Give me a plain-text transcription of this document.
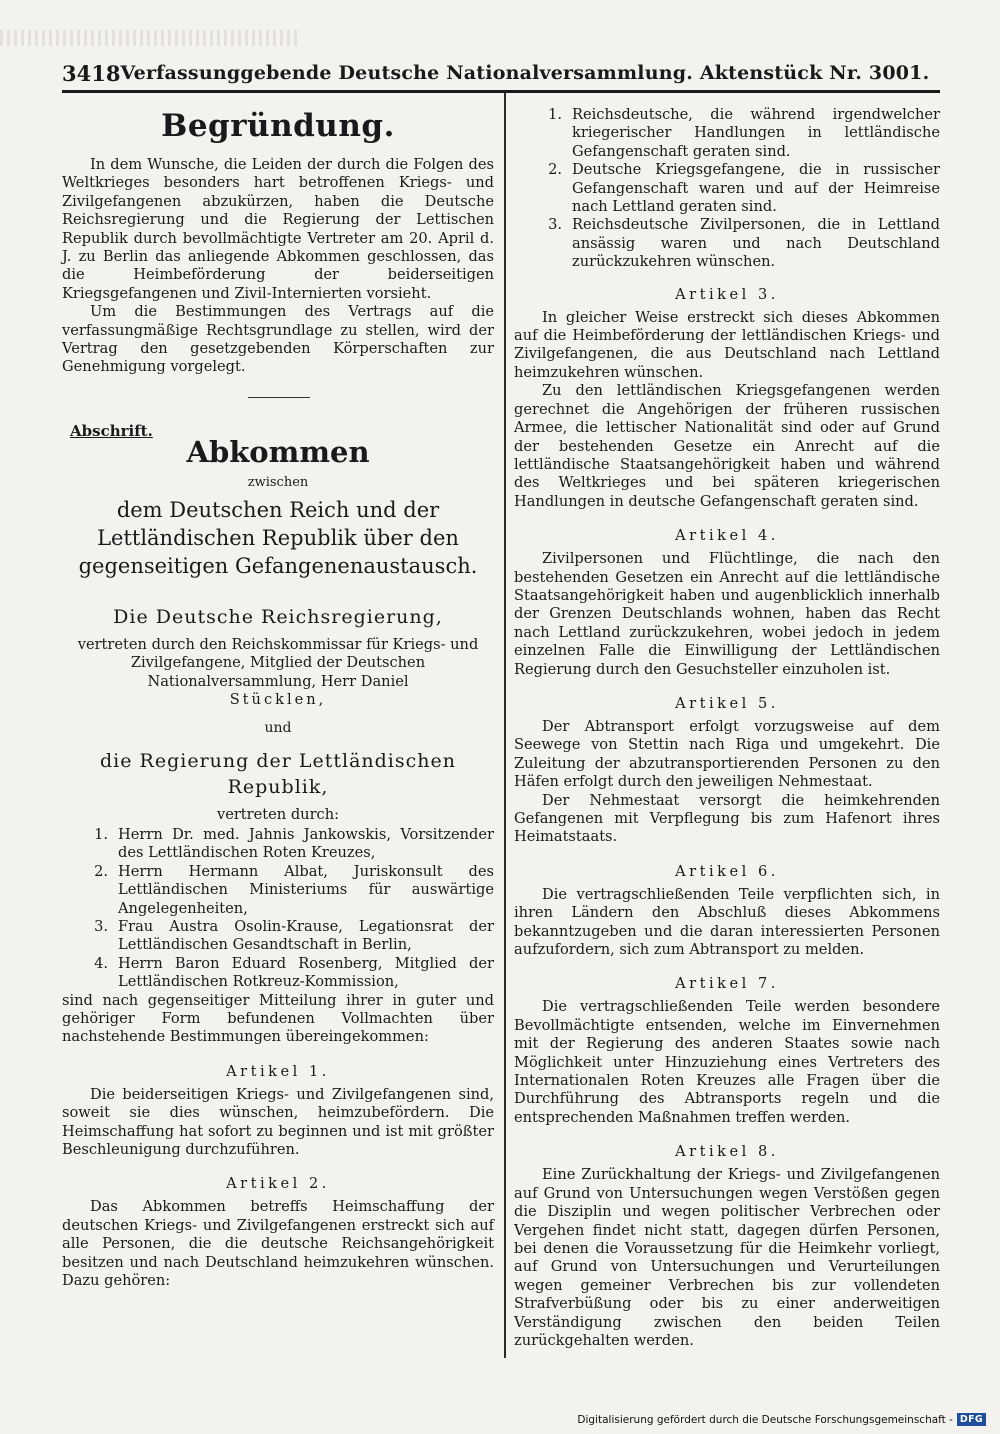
3418 Verfassunggebende Deutsche Nationalversammlung. Aktenstück Nr. 3001.
Begründung.

In dem Wunsche, die Leiden der durch die Folgen des Weltkrieges besonders hart betroffenen Kriegs- und Zivilgefangenen abzukürzen, haben die Deutsche Reichsregierung und die Regierung der Lettischen Republik durch bevollmächtigte Vertreter am 20. April d. J. zu Berlin das anliegende Abkommen geschlossen, das die Heimbeförderung der beiderseitigen Kriegsgefangenen und Zivil-Internierten vorsieht.

Um die Bestimmungen des Vertrags auf die verfassungmäßige Rechtsgrundlage zu stellen, wird der Vertrag den gesetzgebenden Körperschaften zur Genehmigung vorgelegt.

Abschrift.
Abkommen
zwischen
dem Deutschen Reich und der Lettländischen Republik über den gegenseitigen Gefangenenaustausch.
Die Deutsche Reichsregierung,

vertreten durch den Reichskommissar für Kriegs- und Zivilgefangene, Mitglied der Deutschen Nationalversammlung, Herr Daniel

Stücklen,

und
die Regierung der Lettländischen Republik,

vertreten durch:

1. Herrn Dr. med. Jahnis Jankowskis, Vorsitzender des Lettländischen Roten Kreuzes,
2. Herrn Hermann Albat, Juriskonsult des Lettländischen Ministeriums für auswärtige Angelegenheiten,
3. Frau Austra Osolin-Krause, Legationsrat der Lettländischen Gesandtschaft in Berlin,
4. Herrn Baron Eduard Rosenberg, Mitglied der Lettländischen Rotkreuz-Kommission,

sind nach gegenseitiger Mitteilung ihrer in guter und gehöriger Form befundenen Vollmachten über nachstehende Bestimmungen übereingekommen:

Artikel 1.

Die beiderseitigen Kriegs- und Zivilgefangenen sind, soweit sie dies wünschen, heimzubefördern. Die Heimschaffung hat sofort zu beginnen und ist mit größter Beschleunigung durchzuführen.

Artikel 2.

Das Abkommen betreffs Heimschaffung der deutschen Kriegs- und Zivilgefangenen erstreckt sich auf alle Personen, die die deutsche Reichsangehörigkeit besitzen und nach Deutschland heimzukehren wünschen. Dazu gehören:

1. Reichsdeutsche, die während irgendwelcher kriegerischer Handlungen in lettländische Gefangenschaft geraten sind.
2. Deutsche Kriegsgefangene, die in russischer Gefangenschaft waren und auf der Heimreise nach Lettland geraten sind.
3. Reichsdeutsche Zivilpersonen, die in Lettland ansässig waren und nach Deutschland zurückzukehren wünschen.
Artikel 3.

In gleicher Weise erstreckt sich dieses Abkommen auf die Heimbeförderung der lettländischen Kriegs- und Zivilgefangenen, die aus Deutschland nach Lettland heimzukehren wünschen.

Zu den lettländischen Kriegsgefangenen werden gerechnet die Angehörigen der früheren russischen Armee, die lettischer Nationalität sind oder auf Grund der bestehenden Gesetze ein Anrecht auf die lettländische Staatsangehörigkeit haben und während des Weltkrieges und bei späteren kriegerischen Handlungen in deutsche Gefangenschaft geraten sind.

Artikel 4.

Zivilpersonen und Flüchtlinge, die nach den bestehenden Gesetzen ein Anrecht auf die lettländische Staatsangehörigkeit haben und augenblicklich innerhalb der Grenzen Deutschlands wohnen, haben das Recht nach Lettland zurückzukehren, wobei jedoch in jedem einzelnen Falle die Einwilligung der Lettländischen Regierung durch den Gesuchsteller einzuholen ist.

Artikel 5.

Der Abtransport erfolgt vorzugsweise auf dem Seewege von Stettin nach Riga und umgekehrt. Die Zuleitung der abzutransportierenden Personen zu den Häfen erfolgt durch den jeweiligen Nehmestaat.

Der Nehmestaat versorgt die heimkehrenden Gefangenen mit Verpflegung bis zum Hafenort ihres Heimatstaats.

Artikel 6.

Die vertragschließenden Teile verpflichten sich, in ihren Ländern den Abschluß dieses Abkommens bekanntzugeben und die daran interessierten Personen aufzufordern, sich zum Abtransport zu melden.

Artikel 7.

Die vertragschließenden Teile werden besondere Bevollmächtigte entsenden, welche im Einvernehmen mit der Regierung des anderen Staates sowie nach Möglichkeit unter Hinzuziehung eines Vertreters des Internationalen Roten Kreuzes alle Fragen über die Durchführung des Abtransports regeln und die entsprechenden Maßnahmen treffen werden.

Artikel 8.

Eine Zurückhaltung der Kriegs- und Zivilgefangenen auf Grund von Untersuchungen wegen Verstößen gegen die Disziplin und wegen politischer Verbrechen oder Vergehen findet nicht statt, dagegen dürfen Personen, bei denen die Voraussetzung für die Heimkehr vorliegt, auf Grund von Untersuchungen und Verurteilungen wegen gemeiner Verbrechen bis zur vollendeten Strafverbüßung oder bis zu einer anderweitigen Verständigung zwischen den beiden Teilen zurückgehalten werden.

Digitalisierung gefördert durch die Deutsche Forschungsgemeinschaft - DFG
